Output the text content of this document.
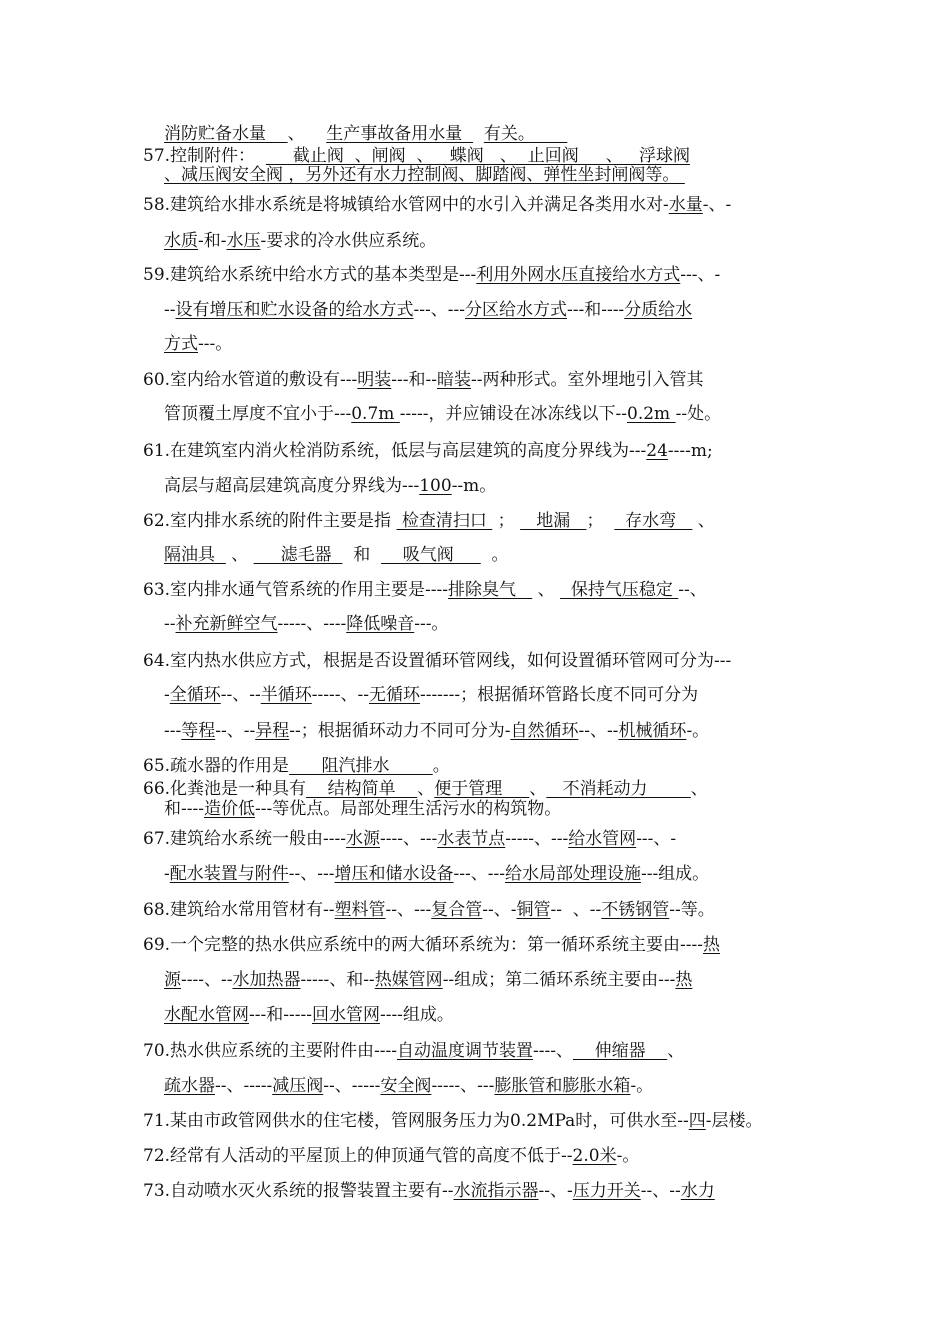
消防贮备水量    、    生产事故备用水量    有关。
57.控制附件：       截止阀  、闸阀  、   蝶阀   、  止回阀     、   浮球阀
、减压阀安全阀 ，另外还有水力控制阀、脚踏阀、弹性坐封闸阀等。
58.建筑给水排水系统是将城镇给水管网中的水引入并满足各类用水对-水量-、-
水质-和-水压-要求的冷水供应系统。
59.建筑给水系统中给水方式的基本类型是---利用外网水压直接给水方式---、-
--设有增压和贮水设备的给水方式---、---分区给水方式---和----分质给水
方式---。
60.室内给水管道的敷设有---明装---和--暗装--两种形式。室外埋地引入管其
管顶覆土厚度不宜小于---0.7m -----，并应铺设在冰冻线以下--0.2m --处。
61.在建筑室内消火栓消防系统，低层与高层建筑的高度分界线为---24----m;
高层与超高层建筑高度分界线为---100--m。
62.室内排水系统的附件主要是指  检查清扫口  ；    地漏   ；    存水弯    、
隔油具   、      滤毛器    和      吸气阀       。
63.室内排水通气管系统的作用主要是----排除臭气    、   保持气压稳定 --、
--补充新鲜空气-----、----降低噪音---。
64.室内热水供应方式，根据是否设置循环管网线，如何设置循环管网可分为---
-全循环--、--半循环-----、--无循环-------；根据循环管路长度不同可分为
---等程--、--异程--；根据循环动力不同可分为-自然循环--、--机械循环-。
65.疏水器的作用是      阻汽排水        。
66.化粪池是一种具有    结构简单    、便于管理     、   不消耗动力        、
和----造价低---等优点。局部处理生活污水的构筑物。
67.建筑给水系统一般由----水源----、---水表节点-----、---给水管网---、-
-配水装置与附件--、---增压和储水设备---、---给水局部处理设施---组成。
68.建筑给水常用管材有--塑料管--、---复合管--、-铜管--  、--不锈钢管--等。
69.一个完整的热水供应系统中的两大循环系统为：第一循环系统主要由----热
源----、--水加热器-----、和--热媒管网--组成；第二循环系统主要由---热
水配水管网---和-----回水管网----组成。
70.热水供应系统的主要附件由----自动温度调节装置----、    伸缩器    、
疏水器--、-----减压阀--、-----安全阀-----、---膨胀管和膨胀水箱-。
71.某由市政管网供水的住宅楼，管网服务压力为0.2MPa时，可供水至--四-层楼。
72.经常有人活动的平屋顶上的伸顶通气管的高度不低于--2.0米-。
73.自动喷水灭火系统的报警装置主要有--水流指示器--、-压力开关--、--水力
